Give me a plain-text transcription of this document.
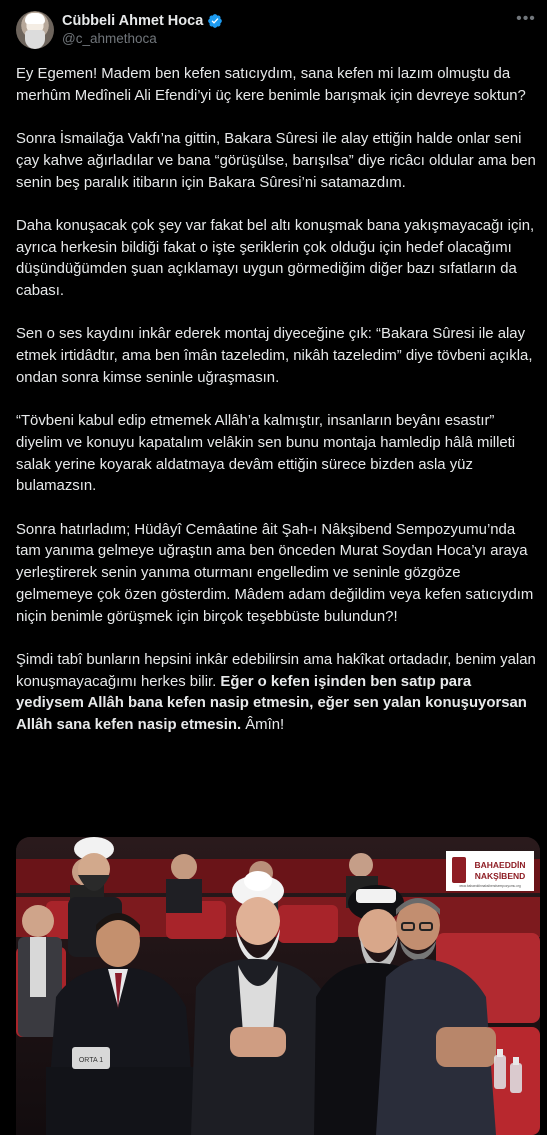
Cübbeli Ahmet Hoca
@c_ahmethoca
•••

Ey Egemen! Madem ben kefen satıcıydım, sana kefen mi lazım olmuştu da merhûm Medîneli Ali Efendi’yi üç kere benimle barışmak için devreye soktun?

Sonra İsmailağa Vakfı’na gittin, Bakara Sûresi ile alay ettiğin halde onlar seni çay kahve ağırladılar ve bana “görüşülse, barışılsa” diye ricâcı oldular ama ben senin beş paralık itibarın için Bakara Sûresi’ni satamazdım.

Daha konuşacak çok şey var fakat bel altı konuşmak bana yakışmayacağı için, ayrıca herkesin bildiği fakat o işte şeriklerin çok olduğu için hedef olacağımı düşündüğümden şuan açıklamayı uygun görmediğim diğer bazı sıfatların da cabası.

Sen o ses kaydını inkâr ederek montaj diyeceğine çık: “Bakara Sûresi ile alay etmek irtidâdtır, ama ben îmân tazeledim, nikâh tazeledim” diye tövbeni açıkla, ondan sonra kimse seninle uğraşmasın.

“Tövbeni kabul edip etmemek Allâh’a kalmıştır, insanların beyânı esastır” diyelim ve konuyu kapatalım velâkin sen bunu montaja hamledip hâlâ milleti salak yerine koyarak aldatmaya devâm ettiğin sürece bizden asla yüz bulamazsın.

Sonra hatırladım; Hüdâyî Cemâatine âit Şah-ı Nâkşibend Sempozyumu’nda tam yanıma gelmeye uğraştın ama ben önceden Murat Soydan Hoca’yı araya yerleştirerek senin yanıma oturmanı engelledim ve seninle gözgöze gelmemeye çok özen gösterdim. Mâdem adam değildim veya kefen satıcıydım niçin benimle görüşmek için birçok teşebbüste bulundun?!

Şimdi tabî bunların hepsini inkâr edebilirsin ama hakîkat ortadadır, benim yalan konuşmayacağımı herkes bilir. Eğer o kefen işinden ben satıp para yediysem Allâh bana kefen nasip etmesin, eğer sen yalan konuşuyorsan Allâh sana kefen nasip etmesin. Âmîn!

ORTA 1
BAHAEDDİN
NAKŞİBEND
www.bahaeddinnaksibendsempozyumu.org
